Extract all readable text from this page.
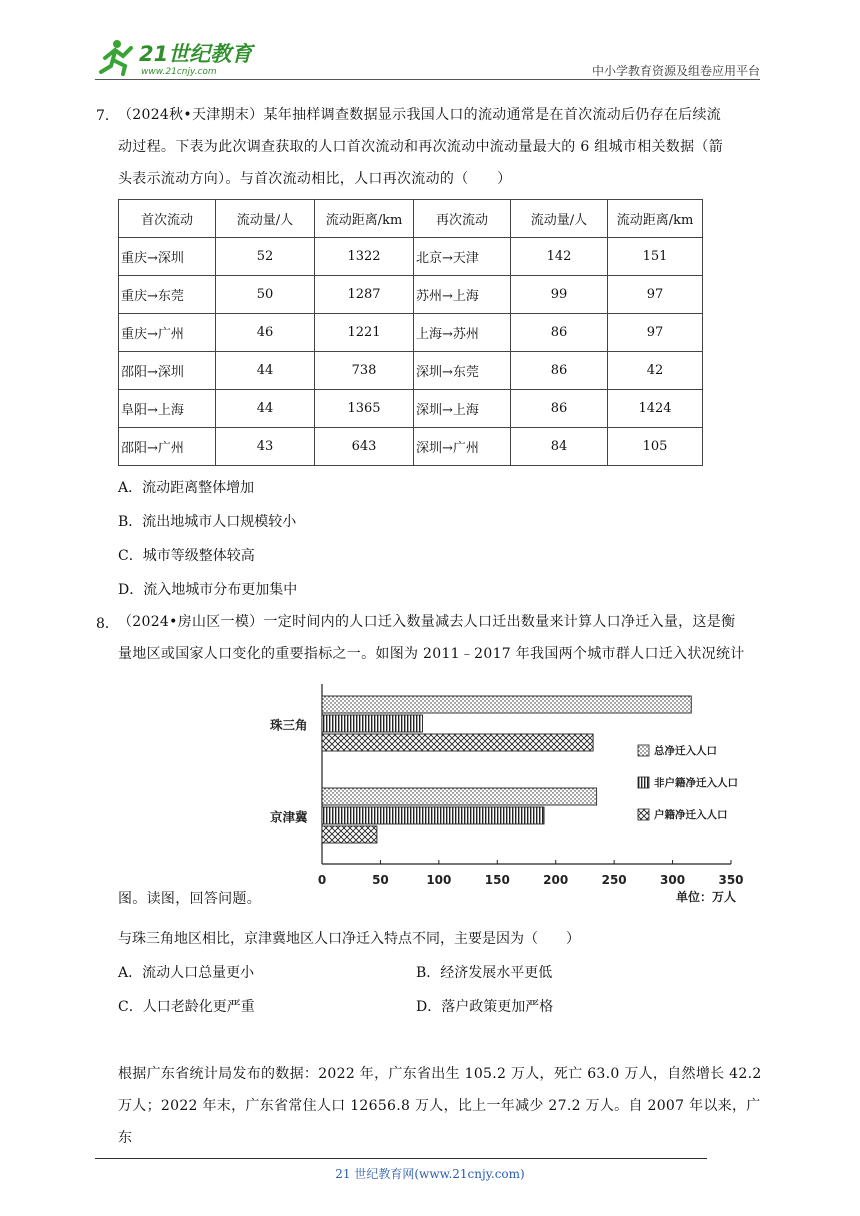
21世纪教育
www.21cnjy.com	中小学教育资源及组卷应用平台
7． （2024秋•天津期末）某年抽样调查数据显示我国人口的流动通常是在首次流动后仍存在后续流
动过程。下表为此次调查获取的人口首次流动和再次流动中流动量最大的 6 组城市相关数据（箭
头表示流动方向）。与首次流动相比，人口再次流动的（　　）
首次流动	流动量/人	流动距离/km	再次流动	流动量/人	流动距离/km
重庆→深圳	52	1322	北京→天津	142	151
重庆→东莞	50	1287	苏州→上海	99	97
重庆→广州	46	1221	上海→苏州	86	97
邵阳→深圳	44	738	深圳→东莞	86	42
阜阳→上海	44	1365	深圳→上海	86	1424
邵阳→广州	43	643	深圳→广州	84	105
A．流动距离整体增加
B．流出地城市人口规模较小
C．城市等级整体较高
D．流入地城市分布更加集中
8． （2024•房山区一模）一定时间内的人口迁入数量减去人口迁出数量来计算人口净迁入量，这是衡
量地区或国家人口变化的重要指标之一。如图为 2011﹣2017 年我国两个城市群人口迁入状况统计
0	50	100	150	200	250	300	350
珠三角
京津冀
总净迁入人口
非户籍净迁入人口
户籍净迁入人口
单位：万人
图。读图，回答问题。
与珠三角地区相比，京津冀地区人口净迁入特点不同，主要是因为（　　）
A．流动人口总量更小	B．经济发展水平更低
C．人口老龄化更严重	D．落户政策更加严格
根据广东省统计局发布的数据：2022 年，广东省出生 105.2 万人，死亡 63.0 万人，自然增长 42.2
万人；2022 年末，广东省常住人口 12656.8 万人，比上一年减少 27.2 万人。自 2007 年以来，广东
21 世纪教育网(www.21cnjy.com)
